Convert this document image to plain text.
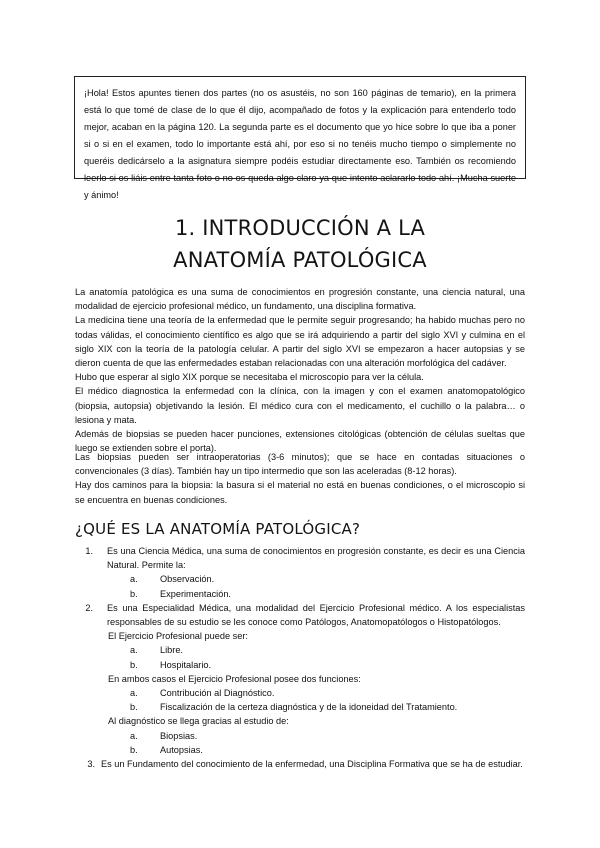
¡Hola! Estos apuntes tienen dos partes (no os asustéis, no son 160 páginas de temario), en la primera está lo que tomé de clase de lo que él dijo, acompañado de fotos y la explicación para entenderlo todo mejor, acaban en la página 120. La segunda parte es el documento que yo hice sobre lo que iba a poner si o si en el examen, todo lo importante está ahí, por eso si no tenéis mucho tiempo o simplemente no queréis dedicárselo a la asignatura siempre podéis estudiar directamente eso. También os recomiendo leerlo si os liáis entre tanta foto o no os queda algo claro ya que intento aclararlo todo ahí. ¡Mucha suerte y ánimo!
1. INTRODUCCIÓN A LA
ANATOMÍA PATOLÓGICA

La anatomía patológica es una suma de conocimientos en progresión constante, una ciencia natural, una modalidad de ejercicio profesional médico, un fundamento, una disciplina formativa.

La medicina tiene una teoría de la enfermedad que le permite seguir progresando; ha habido muchas pero no todas válidas, el conocimiento científico es algo que se irá adquiriendo a partir del siglo XVI y culmina en el siglo XIX con la teoría de la patología celular. A partir del siglo XVI se empezaron a hacer autopsias y se dieron cuenta de que las enfermedades estaban relacionadas con una alteración morfológica del cadáver.

Hubo que esperar al siglo XIX porque se necesitaba el microscopio para ver la célula.

El médico diagnostica la enfermedad con la clínica, con la imagen y con el examen anatomopatológico (biopsia, autopsia) objetivando la lesión. El médico cura con el medicamento, el cuchillo o la palabra… o lesiona y mata.

Además de biopsias se pueden hacer punciones, extensiones citológicas (obtención de células sueltas que luego se extienden sobre el porta).

Las biopsias pueden ser intraoperatorias (3-6 minutos); que se hace en contadas situaciones o convencionales (3 días). También hay un tipo intermedio que son las aceleradas (8-12 horas).

Hay dos caminos para la biopsia: la basura si el material no está en buenas condiciones, o el microscopio si se encuentra en buenas condiciones.

¿QUÉ ES LA ANATOMÍA PATOLÓGICA?
1.	Es una Ciencia Médica, una suma de conocimientos en progresión constante, es decir es una Ciencia Natural. Permite la:
a.	Observación.
b.	Experimentación.
2.	Es una Especialidad Médica, una modalidad del Ejercicio Profesional médico. A los especialistas responsables de su estudio se les conoce como Patólogos, Anatomopatólogos o Histopatólogos.
El Ejercicio Profesional puede ser:
a.	Libre.
b.	Hospitalario.
En ambos casos el Ejercicio Profesional posee dos funciones:
a.	Contribución al Diagnóstico.
b.	Fiscalización de la certeza diagnóstica y de la idoneidad del Tratamiento.
Al diagnóstico se llega gracias al estudio de:
a.	Biopsias.
b.	Autopsias.
3. Es un Fundamento del conocimiento de la enfermedad, una Disciplina Formativa que se ha de estudiar.
